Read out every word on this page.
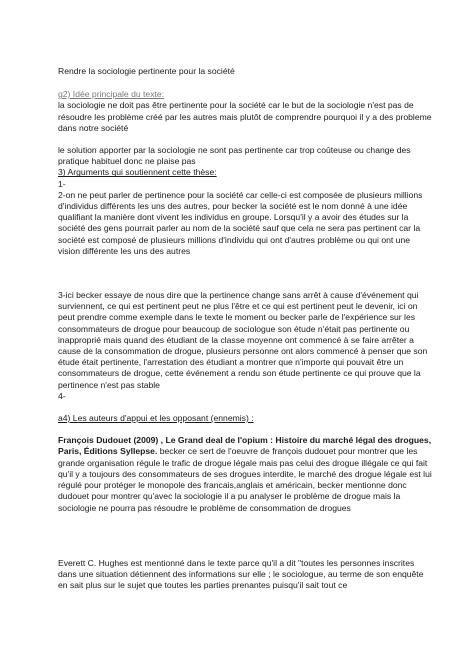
Rendre la sociologie pertinente pour la société

g2) Idée principale du texte:

la sociologie ne doit pas être pertinente pour la société car le but de la sociologie n'est pas de résoudre les problème créé par les autres mais plutôt de comprendre pourquoi il y a des probleme dans notre société

le solution apporter par la sociologie ne sont pas pertinente car trop coûteuse ou change des pratique habituel donc ne plaise pas

3) Arguments qui soutiennent cette thèse:

1-

2-on ne peut parler de pertinence pour la société car celle-ci est composée de plusieurs millions d'individus différents les uns des autres, pour becker la société est le nom donné à une idée qualifiant la manière dont vivent les individus en groupe. Lorsqu'il y a avoir des études sur la société des gens pourrait parler au nom de la société sauf que cela ne sera pas pertinent car la société est composé de plusieurs millions d'individu qui ont d'autres problème ou qui ont une vision différente les uns des autres

3-ici becker essaye de nous dire que la pertinence change sans arrêt à cause d'événement qui surviennent, ce qui est pertinent peut ne plus l'être et ce qui est pertinent peut le devenir, ici on peut prendre comme exemple dans le texte le moment ou becker parle de l'expérience sur les consommateurs de drogue pour beaucoup de sociologue son étude n'était pas pertinente ou inapproprié mais quand des étudiant de la classe moyenne ont commencé à se faire arrêter a cause de la consommation de drogue, plusieurs personne ont alors commencé à penser que son étude était pertinente, l'arrestation des étudiant a montrer que n'importe qui pouvait être un consommateurs de drogue, cette événement a rendu son étude pertinente ce qui prouve que la pertinence n'est pas stable

4-

a4) Les auteurs d'appui et les opposant (ennemis) :

François Dudouet (2009) , Le Grand deal de l'opium : Histoire du marché légal des drogues, Paris, Éditions Syllepse. becker ce sert de l'oeuvre de françois dudouet pour montrer que les grande organisation régule le trafic de drogue légale mais pas celui des drogue illégale ce qui fait qu'il y a toujours des consommateurs de ses drogues interdite, le marché des drogue légale est lui régulé pour protéger le monopole des francais,anglais et américain, becker mentionne donc dudouet pour montrer qu'avec la sociologie il a pu analyser le problème de drogue mais la sociologie ne pourra pas résoudre le problème de consommation de drogues

Everett C. Hughes est mentionné dans le texte parce qu'il a dit "toutes les personnes inscrites dans une situation détiennent des informations sur elle ; le sociologue, au terme de son enquête en sait plus sur le sujet que toutes les parties prenantes puisqu'il sait tout ce
